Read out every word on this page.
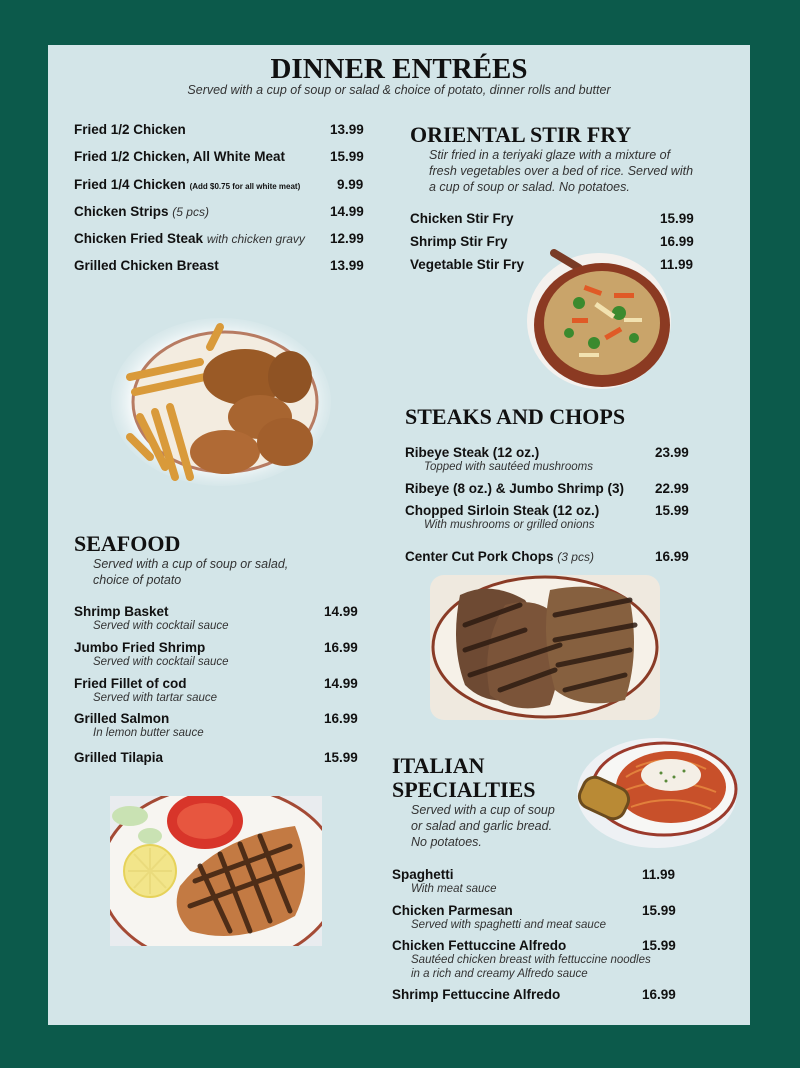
DINNER ENTRÉES
Served with a cup of soup or salad & choice of potato, dinner rolls and butter
Fried 1/2 Chicken	13.99
Fried 1/2 Chicken, All White Meat	15.99
Fried 1/4 Chicken (Add $0.75 for all white meat)	9.99
Chicken Strips (5 pcs)	14.99
Chicken Fried Steak with chicken gravy 12.99
Grilled Chicken Breast	13.99
ORIENTAL STIR FRY
Stir fried in a teriyaki glaze with a mixture of
fresh vegetables over a bed of rice. Served with
a cup of soup or salad. No potatoes.
Chicken Stir Fry	15.99
Shrimp Stir Fry	16.99
Vegetable Stir Fry	11.99
STEAKS AND CHOPS
Ribeye Steak (12 oz.)
Topped with sautéed mushrooms
23.99
Ribeye (8 oz.) & Jumbo Shrimp (3) 22.99
Chopped Sirloin Steak (12 oz.)
With mushrooms or grilled onions
15.99
Center Cut Pork Chops (3 pcs)	16.99
SEAFOOD
Served with a cup of soup or salad,
choice of potato
Shrimp Basket
Served with cocktail sauce
14.99
Jumbo Fried Shrimp
Served with cocktail sauce
16.99
Fried Fillet of cod
Served with tartar sauce
14.99
Grilled Salmon
In lemon butter sauce
16.99
Grilled Tilapia	15.99 ITALIAN
SPECIALTIES
Served with a cup of soup
or salad and garlic bread.
No potatoes.
Spaghetti
With meat sauce
11.99
Chicken Parmesan
Served with spaghetti and meat sauce
15.99
Chicken Fettuccine Alfredo
Sautéed chicken breast with fettuccine noodles
in a rich and creamy Alfredo sauce
15.99
Shrimp Fettuccine Alfredo	16.99
